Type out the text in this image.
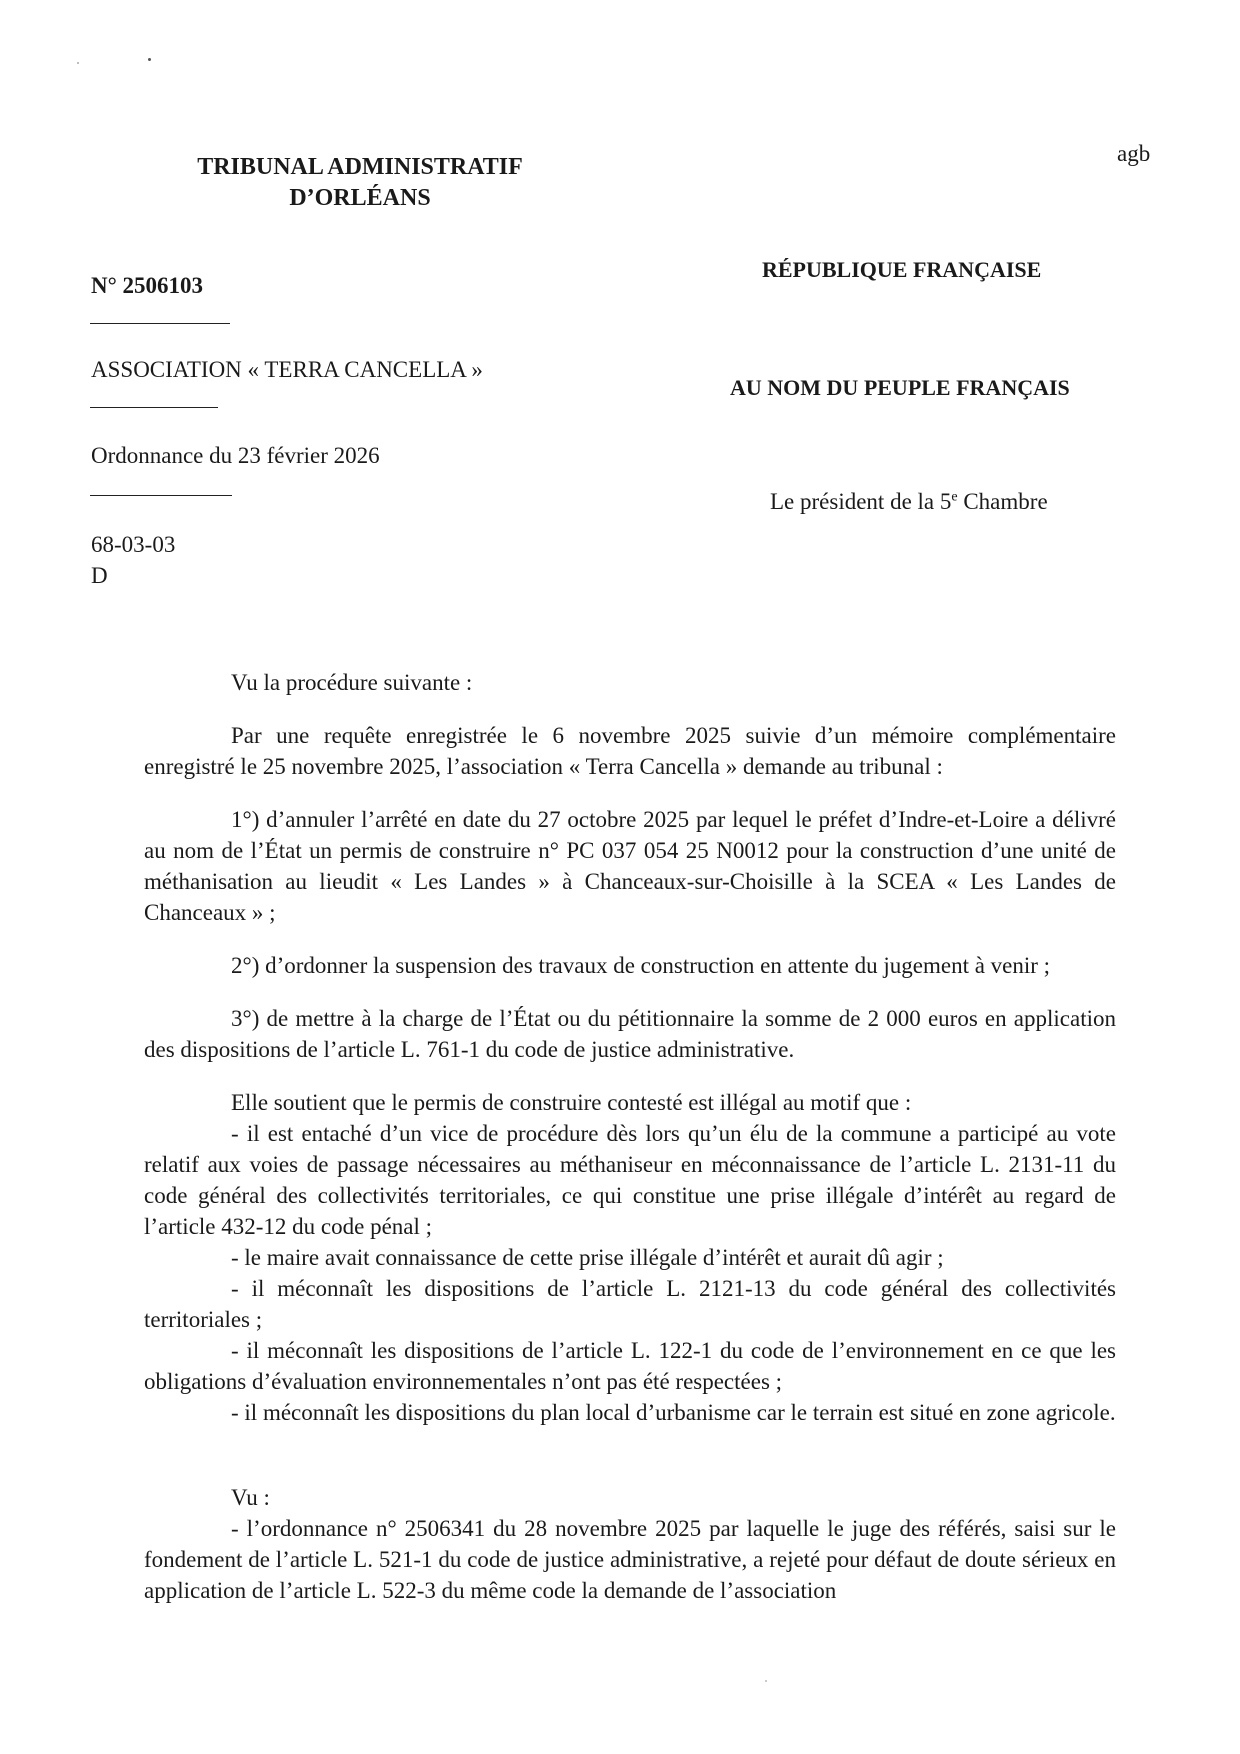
TRIBUNAL ADMINISTRATIF
D’ORLÉANS
agb
N° 2506103
ASSOCIATION « TERRA CANCELLA »
Ordonnance du 23 février 2026
68-03-03
D
RÉPUBLIQUE FRANÇAISE
AU NOM DU PEUPLE FRANÇAIS
Le président de la 5e Chambre

Vu la procédure suivante :

Par une requête enregistrée le 6 novembre 2025 suivie d’un mémoire complémentaire enregistré le 25 novembre 2025, l’association « Terra Cancella » demande au tribunal :

1°) d’annuler l’arrêté en date du 27 octobre 2025 par lequel le préfet d’Indre-et-Loire a délivré au nom de l’État un permis de construire n° PC 037 054 25 N0012 pour la construction d’une unité de méthanisation au lieudit « Les Landes » à Chanceaux-sur-Choisille à la SCEA « Les Landes de Chanceaux » ;

2°) d’ordonner la suspension des travaux de construction en attente du jugement à venir ;

3°) de mettre à la charge de l’État ou du pétitionnaire la somme de 2 000 euros en application des dispositions de l’article L. 761-1 du code de justice administrative.

Elle soutient que le permis de construire contesté est illégal au motif que :

- il est entaché d’un vice de procédure dès lors qu’un élu de la commune a participé au vote relatif aux voies de passage nécessaires au méthaniseur en méconnaissance de l’article L. 2131-11 du code général des collectivités territoriales, ce qui constitue une prise illégale d’intérêt au regard de l’article 432-12 du code pénal ;

- le maire avait connaissance de cette prise illégale d’intérêt et aurait dû agir ;

- il méconnaît les dispositions de l’article L. 2121-13 du code général des collectivités territoriales ;

- il méconnaît les dispositions de l’article L. 122-1 du code de l’environnement en ce que les obligations d’évaluation environnementales n’ont pas été respectées ;

- il méconnaît les dispositions du plan local d’urbanisme car le terrain est situé en zone agricole.

Vu :

- l’ordonnance n° 2506341 du 28 novembre 2025 par laquelle le juge des référés, saisi sur le fondement de l’article L. 521-1 du code de justice administrative, a rejeté pour défaut de doute sérieux en application de l’article L. 522-3 du même code la demande de l’association
